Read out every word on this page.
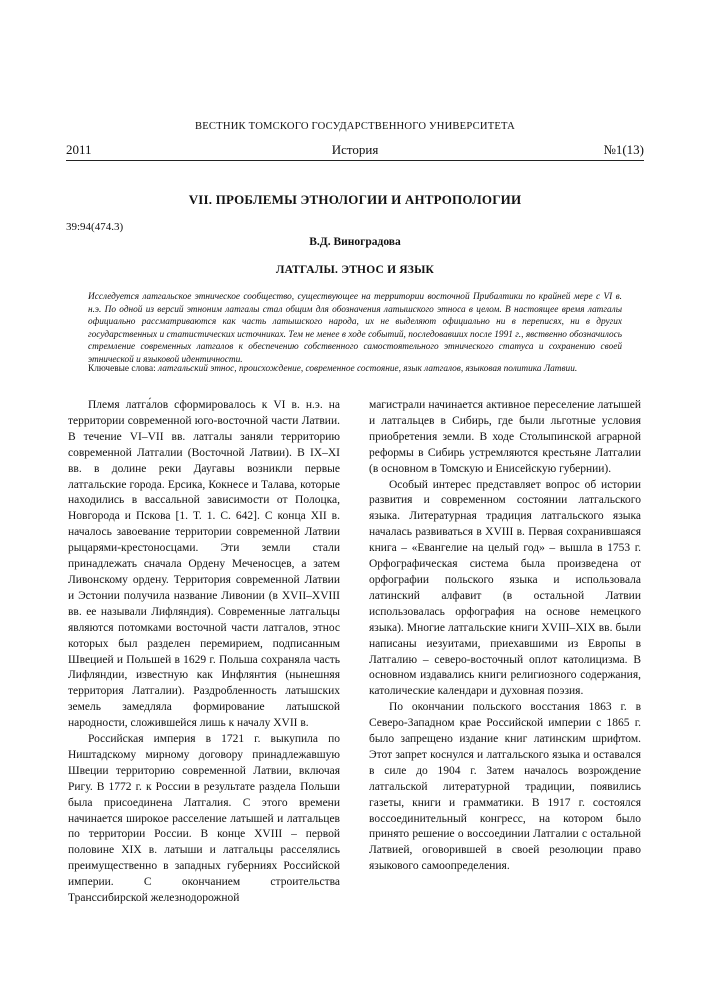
ВЕСТНИК ТОМСКОГО ГОСУДАРСТВЕННОГО УНИВЕРСИТЕТА
2011	История	№1(13)
VII. ПРОБЛЕМЫ ЭТНОЛОГИИ И АНТРОПОЛОГИИ
39:94(474.3)
В.Д. Виноградова
ЛАТГАЛЫ. ЭТНОС И ЯЗЫК

Исследуется латгальское этническое сообщество, существующее на территории восточной Прибалтики по крайней мере с VI в. н.э. По одной из версий этноним латгалы стал общим для обозначения латышского этноса в целом. В настоящее время латгалы официально рассматриваются как часть латышского народа, их не выделяют официально ни в переписях, ни в других государственных и статистических источниках. Тем не менее в ходе событий, последовавших после 1991 г., явственно обозначилось стремление современных латгалов к обеспечению собственного самостоятельного этнического статуса и сохранению своей этнической и языковой идентичности.

Ключевые слова: латгальский этнос, происхождение, современное состояние, язык латгалов, языковая политика Латвии.

Племя латга́лов сформировалось к VI в. н.э. на территории современной юго-восточной части Латвии. В течение VI–VII вв. латгалы заняли территорию современной Латгалии (Восточной Латвии). В IX–XI вв. в долине реки Даугавы возникли первые латгальские города. Ерсика, Кокнесе и Талава, которые находились в вассальной зависимости от Полоцка, Новгорода и Пскова [1. Т. 1. С. 642]. С конца XII в. началось завоевание территории современной Латвии рыцарями-крестоносцами. Эти земли стали принадлежать сначала Ордену Меченосцев, а затем Ливонскому ордену. Территория современной Латвии и Эстонии получила название Ливонии (в XVII–XVIII вв. ее называли Лифляндия). Современные латгальцы являются потомками восточной части латгалов, этнос которых был разделен перемирием, подписанным Швецией и Польшей в 1629 г. Польша сохраняла часть Лифляндии, известную как Инфлянтия (нынешняя территория Латгалии). Раздробленность латышских земель замедляла формирование латышской народности, сложившейся лишь к началу XVII в.

Российская империя в 1721 г. выкупила по Ништадскому мирному договору принадлежавшую Швеции территорию современной Латвии, включая Ригу. В 1772 г. к России в результате раздела Польши была присоединена Латгалия. С этого времени начинается широкое расселение латышей и латгальцев по территории России. В конце XVIII – первой половине XIX в. латыши и латгальцы расселялись преимущественно в западных губерниях Российской империи. С окончанием строительства Транссибирской железнодорожной

магистрали начинается активное переселение латышей и латгальцев в Сибирь, где были льготные условия приобретения земли. В ходе Столыпинской аграрной реформы в Сибирь устремляются крестьяне Латгалии (в основном в Томскую и Енисейскую губернии).

Особый интерес представляет вопрос об истории развития и современном состоянии латгальского языка. Литературная традиция латгальского языка началась развиваться в XVIII в. Первая сохранившаяся книга – «Евангелие на целый год» – вышла в 1753 г. Орфографическая система была произведена от орфографии польского языка и использовала латинский алфавит (в остальной Латвии использовалась орфография на основе немецкого языка). Многие латгальские книги XVIII–XIX вв. были написаны иезуитами, приехавшими из Европы в Латгалию – северо-восточный оплот католицизма. В основном издавались книги религиозного содержания, католические календари и духовная поэзия.

По окончании польского восстания 1863 г. в Северо-Западном крае Российской империи с 1865 г. было запрещено издание книг латинским шрифтом. Этот запрет коснулся и латгальского языка и оставался в силе до 1904 г. Затем началось возрождение латгальской литературной традиции, появились газеты, книги и грамматики. В 1917 г. состоялся воссоединительный конгресс, на котором было принято решение о воссоединии Латгалии с остальной Латвией, оговорившей в своей резолюции право языкового самоопределения.
